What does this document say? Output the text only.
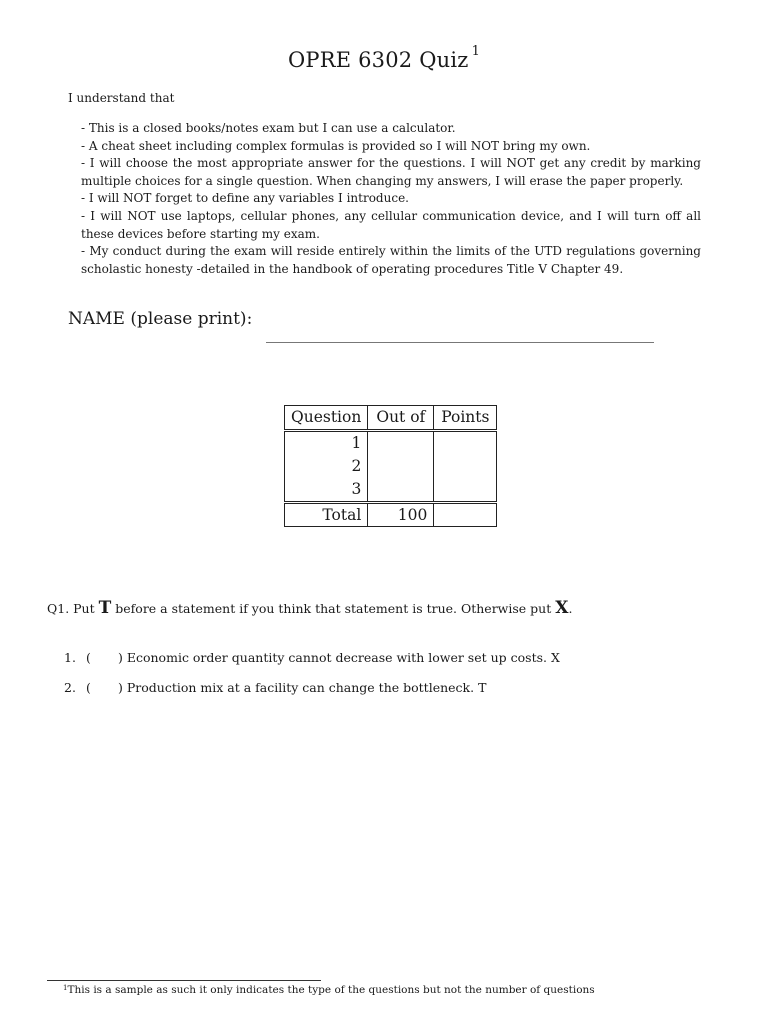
OPRE 6302 Quiz $^1$
I understand that

- This is a closed books/notes exam but I can use a calculator.

- A cheat sheet including complex formulas is provided so I will NOT bring my own.

- I will choose the most appropriate answer for the questions. I will NOT get any credit by marking multiple choices for a single question. When changing my answers, I will erase the paper properly.

- I will NOT forget to define any variables I introduce.

- I will NOT use laptops, cellular phones, any cellular communication device, and I will turn off all these devices before starting my exam.

- My conduct during the exam will reside entirely within the limits of the UTD regulations governing scholastic honesty -detailed in the handbook of operating procedures Title V Chapter 49.

NAME (please print):
Question	Out of	Points
1		
2		
3		
Total	100	
Q1. Put T before a statement if you think that statement is true. Otherwise put X.
1. ( ) Economic order quantity cannot decrease with lower set up costs. X
2. ( ) Production mix at a facility can change the bottleneck. T
$^1$This is a sample as such it only indicates the type of the questions but not the number of questions
